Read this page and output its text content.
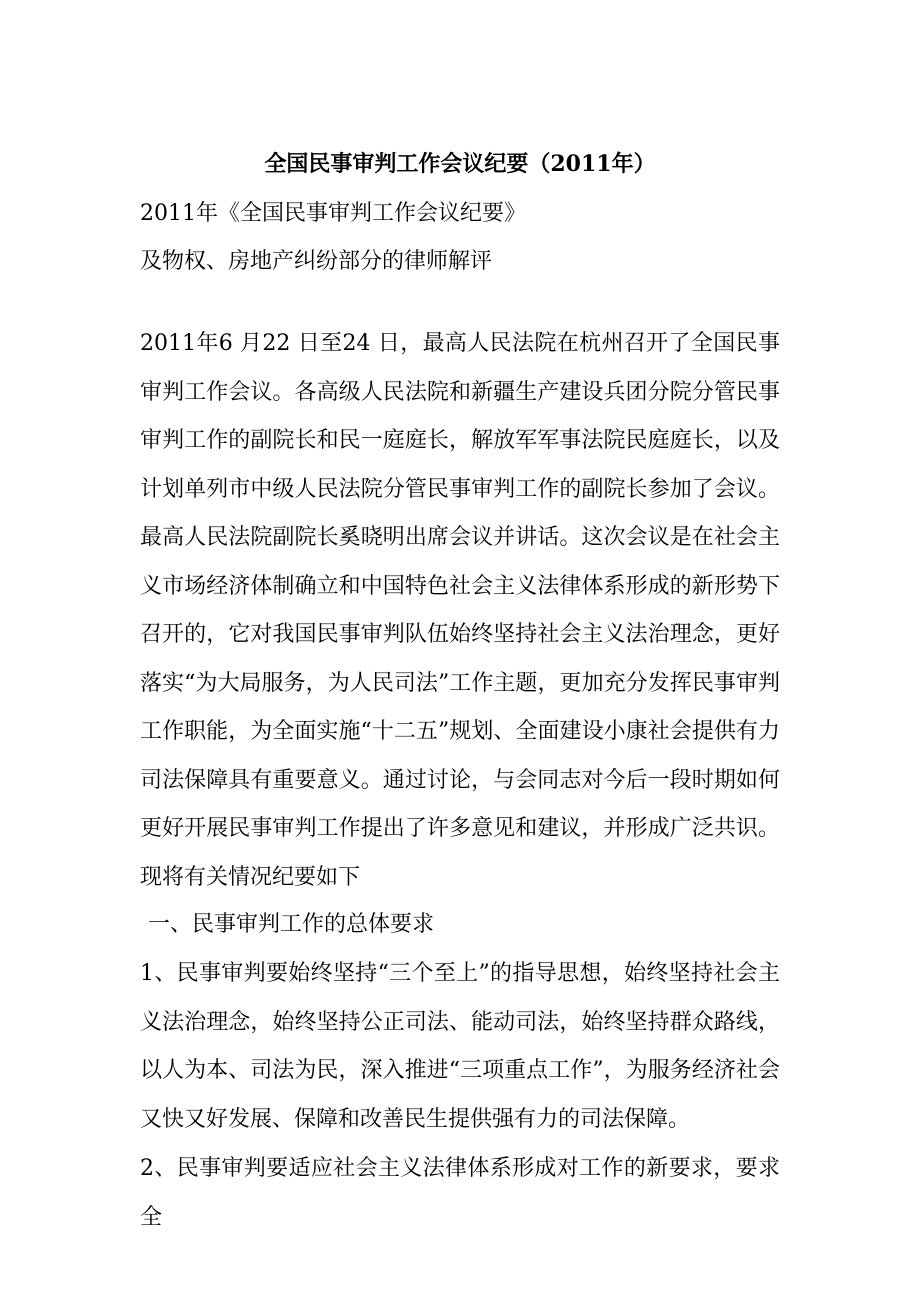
全国民事审判工作会议纪要（2011年）
2011年《全国民事审判工作会议纪要》
及物权、房地产纠纷部分的律师解评
2011年6 月22 日至24 日，最高人民法院在杭州召开了全国民事审判工作会议。各高级人民法院和新疆生产建设兵团分院分管民事审判工作的副院长和民一庭庭长，解放军军事法院民庭庭长，以及计划单列市中级人民法院分管民事审判工作的副院长参加了会议。最高人民法院副院长奚晓明出席会议并讲话。这次会议是在社会主义市场经济体制确立和中国特色社会主义法律体系形成的新形势下召开的，它对我国民事审判队伍始终坚持社会主义法治理念，更好落实“为大局服务，为人民司法”工作主题，更加充分发挥民事审判工作职能，为全面实施“十二五”规划、全面建设小康社会提供有力司法保障具有重要意义。通过讨论，与会同志对今后一段时期如何更好开展民事审判工作提出了许多意见和建议，并形成广泛共识。现将有关情况纪要如下
一、民事审判工作的总体要求
1、民事审判要始终坚持“三个至上”的指导思想，始终坚持社会主义法治理念，始终坚持公正司法、能动司法，始终坚持群众路线，以人为本、司法为民，深入推进“三项重点工作”，为服务经济社会又快又好发展、保障和改善民生提供强有力的司法保障。
2、民事审判要适应社会主义法律体系形成对工作的新要求，要求全
